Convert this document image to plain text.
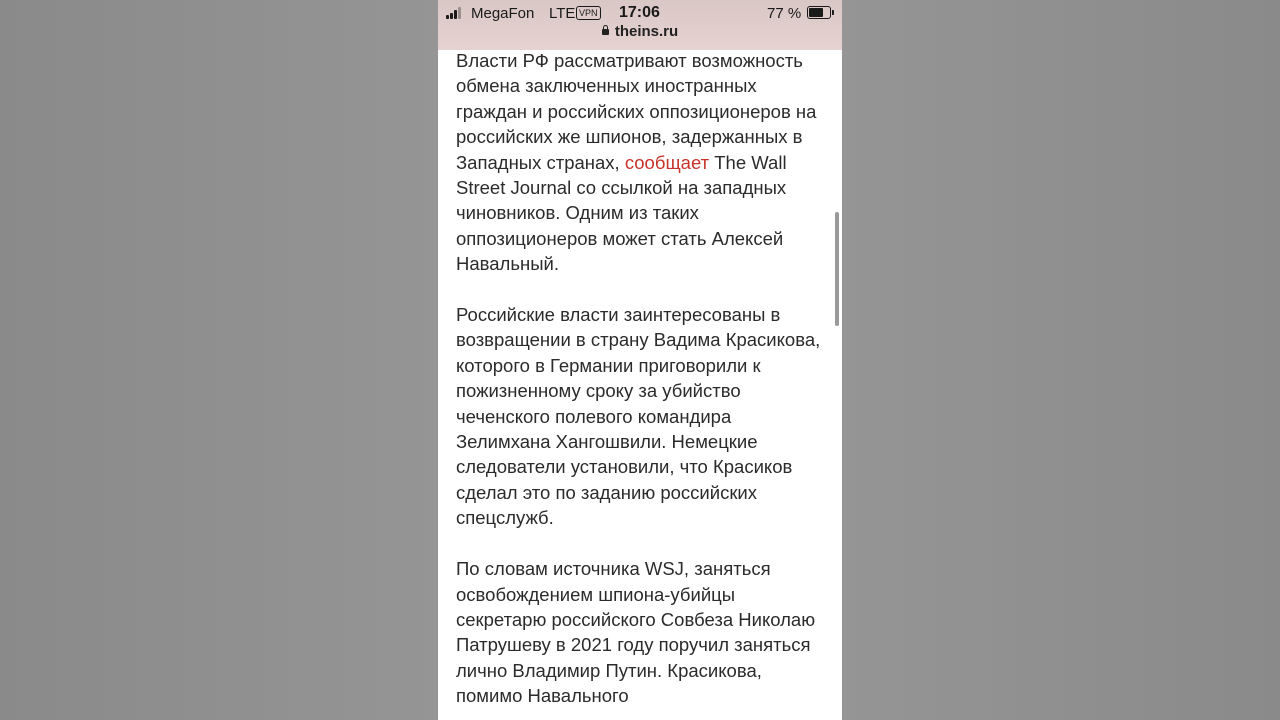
MegaFon LTE VPN 17:06	77 %
theins.ru

Власти РФ рассматривают возможность обмена заключенных иностранных граждан и российских оппозиционеров на российских же шпионов, задержанных в Западных странах, сообщает The Wall Street Journal со ссылкой на западных чиновников. Одним из таких оппозиционеров может стать Алексей Навальный.

Российские власти заинтересованы в возвращении в страну Вадима Красикова, которого в Германии приговорили к пожизненному сроку за убийство чеченского полевого командира Зелимхана Хангошвили. Немецкие следователи установили, что Красиков сделал это по заданию российских спецслужб.

По словам источника WSJ, заняться освобождением шпиона-убийцы секретарю российского Совбеза Николаю Патрушеву в 2021 году поручил заняться лично Владимир Путин. Красикова, помимо Навального
